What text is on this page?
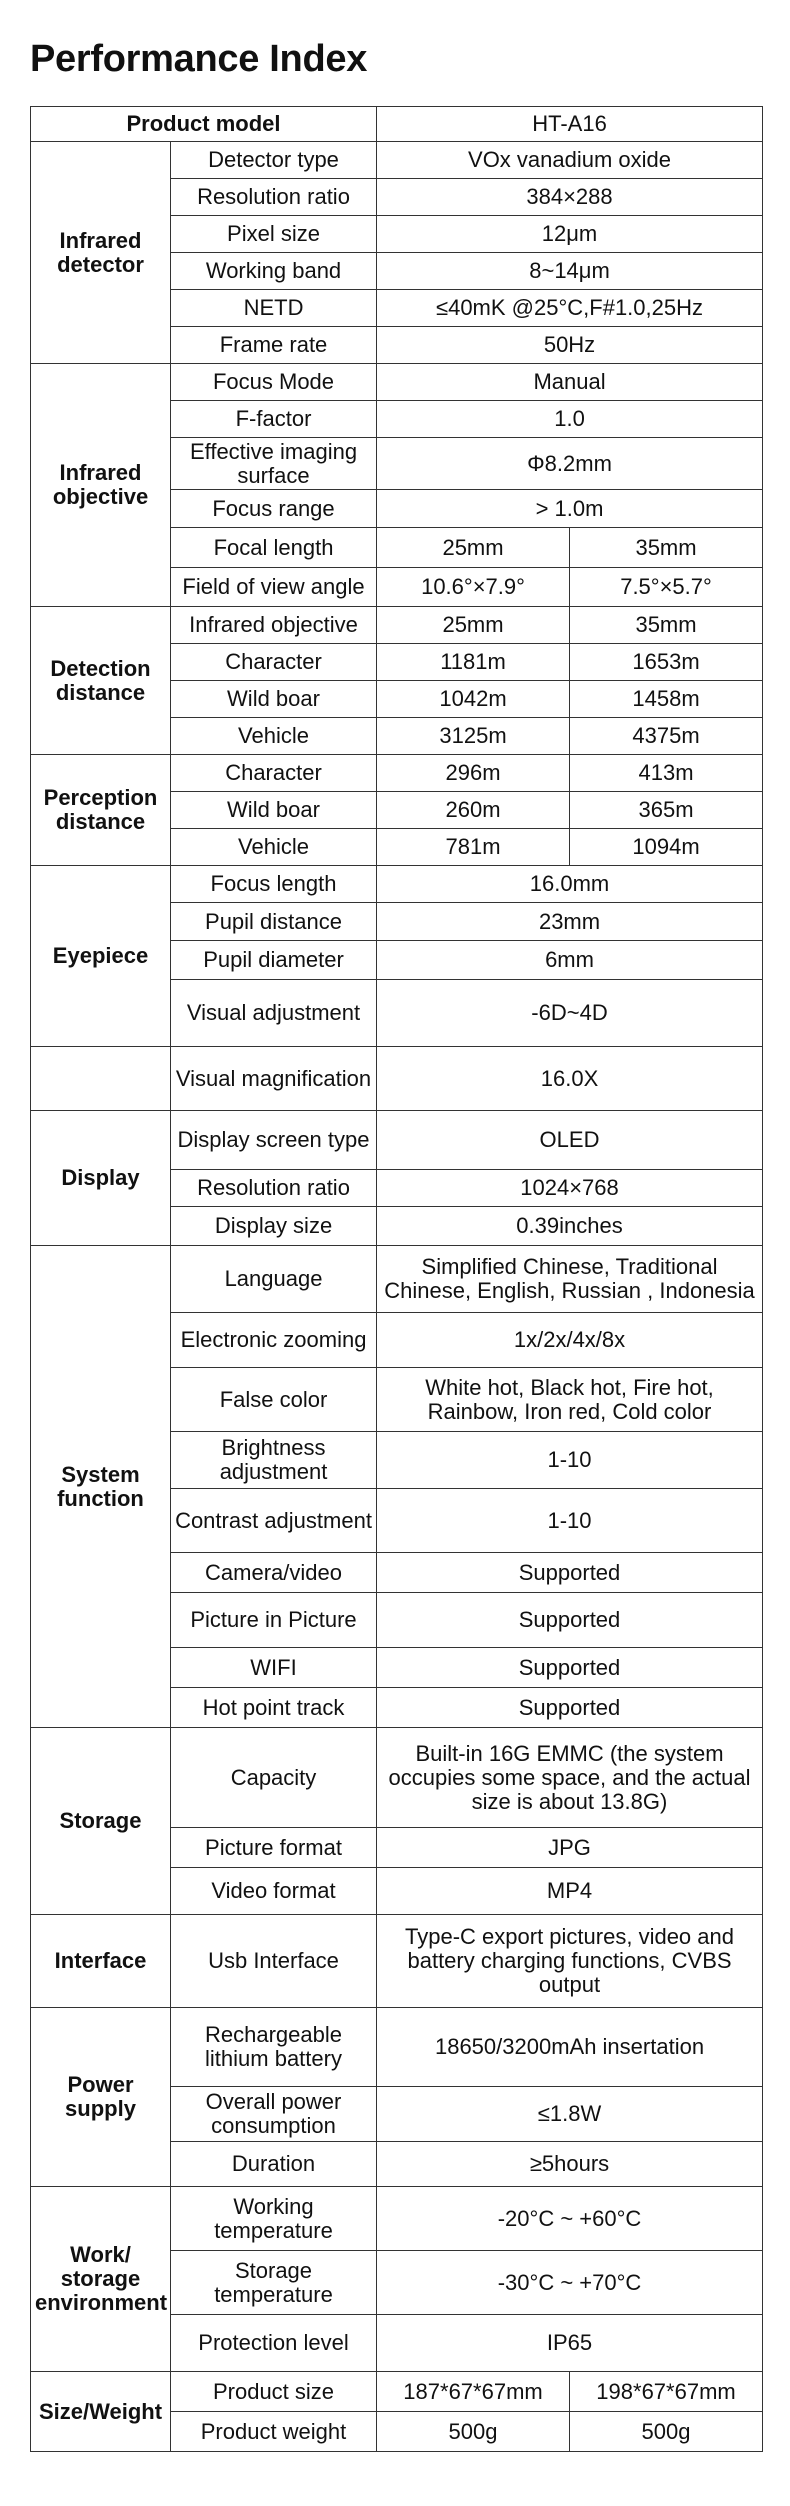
Performance Index
Product model		HT-A16	
Infrared detector	Detector type	VOx vanadium oxide	
	Resolution ratio	384×288	
	Pixel size	12μm	
	Working band	8~14μm	
	NETD	≤40mK @25°C,F#1.0,25Hz	
	Frame rate	50Hz	
Infrared objective	Focus Mode	Manual	
	F-factor	1.0	
	Effective imaging surface	Φ8.2mm	
	Focus range	> 1.0m	
	Focal length	25mm	35mm
	Field of view angle	10.6°×7.9°	7.5°×5.7°
Detection distance	Infrared objective	25mm	35mm
	Character	1181m	1653m
	Wild boar	1042m	1458m
	Vehicle	3125m	4375m
Perception distance	Character	296m	413m
	Wild boar	260m	365m
	Vehicle	781m	1094m
Eyepiece	Focus length	16.0mm	
	Pupil distance	23mm	
	Pupil diameter	6mm	
	Visual adjustment	-6D~4D	
	Visual magnification	16.0X	
Display	Display screen type	OLED	
	Resolution ratio	1024×768	
	Display size	0.39inches	
System function	Language	Simplified Chinese, Traditional Chinese, English, Russian , Indonesia	
	Electronic zooming	1x/2x/4x/8x	
	False color	White hot, Black hot, Fire hot, Rainbow, Iron red, Cold color	
	Brightness adjustment	1-10	
	Contrast adjustment	1-10	
	Camera/video	Supported	
	Picture in Picture	Supported	
	WIFI	Supported	
	Hot point track	Supported	
Storage	Capacity	Built-in 16G EMMC (the system occupies some space, and the actual size is about 13.8G)	
	Picture format	JPG	
	Video format	MP4	
Interface	Usb Interface	Type-C export pictures, video and battery charging functions, CVBS output	
Power supply	Rechargeable lithium battery	18650/3200mAh insertation	
	Overall power consumption	≤1.8W	
	Duration	≥5hours	
Work/ storage environment	Working temperature	-20°C ~ +60°C	
	Storage temperature	-30°C ~ +70°C	
	Protection level	IP65	
Size/Weight	Product size	187*67*67mm	198*67*67mm
	Product weight	500g	500g
